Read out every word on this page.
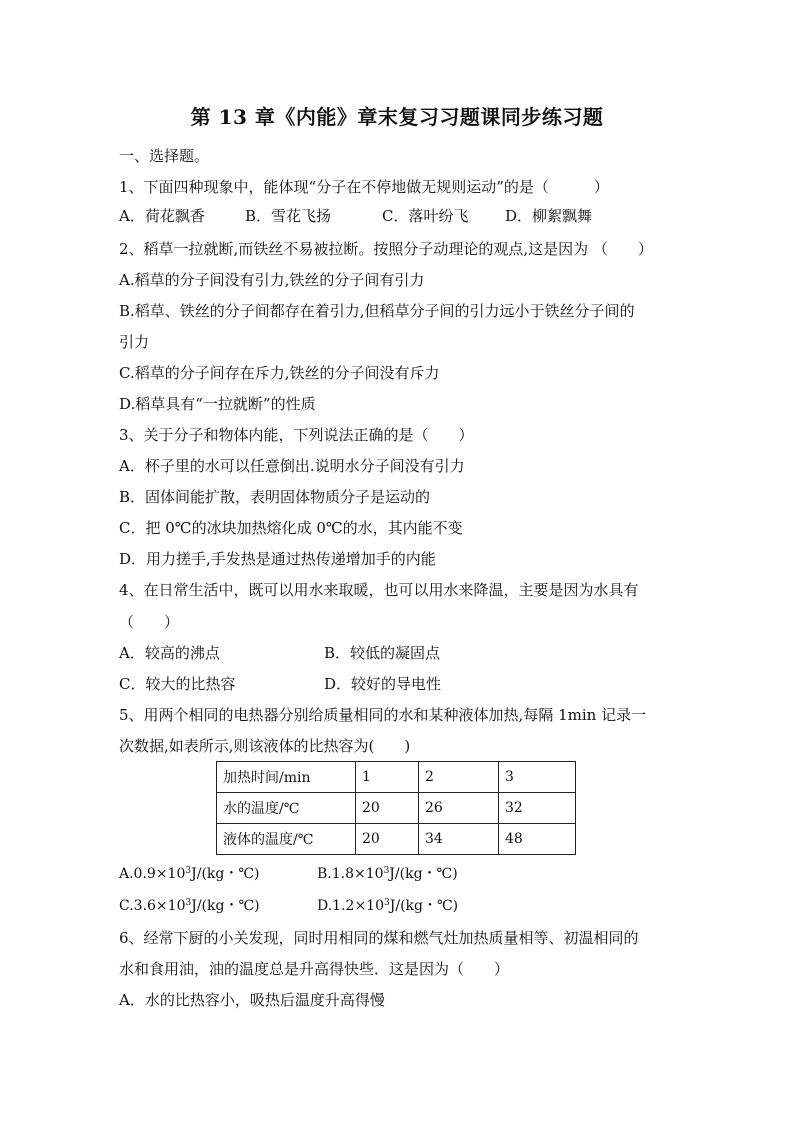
第 13 章《内能》章末复习习题课同步练习题
一、选择题。
1、下面四种现象中，能体现“分子在不停地做无规则运动”的是（　　　）
A．荷花飘香	B．雪花飞扬	C．落叶纷飞 D．柳絮飘舞
2、稻草一拉就断,而铁丝不易被拉断。按照分子动理论的观点,这是因为 （　　）
A.稻草的分子间没有引力,铁丝的分子间有引力
B.稻草、铁丝的分子间都存在着引力,但稻草分子间的引力远小于铁丝分子间的
引力
C.稻草的分子间存在斥力,铁丝的分子间没有斥力
D.稻草具有“一拉就断”的性质
3、关于分子和物体内能，下列说法正确的是（　　）
A．杯子里的水可以任意倒出.说明水分子间没有引力
B．固体间能扩散，表明固体物质分子是运动的
C．把 0℃的冰块加热熔化成 0℃的水，其内能不变
D．用力搓手,手发热是通过热传递增加手的内能
4、在日常生活中，既可以用水来取暖，也可以用水来降温，主要是因为水具有
（　　）
A．较高的沸点	B．较低的凝固点
C．较大的比热容	D．较好的导电性
5、用两个相同的电热器分别给质量相同的水和某种液体加热,每隔 1min 记录一
次数据,如表所示,则该液体的比热容为(　　)
加热时间/min	1	2	3
水的温度/℃	20	26	32
液体的温度/℃	20	34	48
$A.0.9\times 10^3J/(kg$・℃)	$B.1.8\times 10^3J/(kg$・℃)
$C.3.6\times 10^3J/(kg$・℃)	$D.1.2\times 10^3J/(kg$・℃)
6、经常下厨的小关发现，同时用相同的煤和燃气灶加热质量相等、初温相同的
水和食用油，油的温度总是升高得快些．这是因为（　　）
A．水的比热容小，吸热后温度升高得慢
